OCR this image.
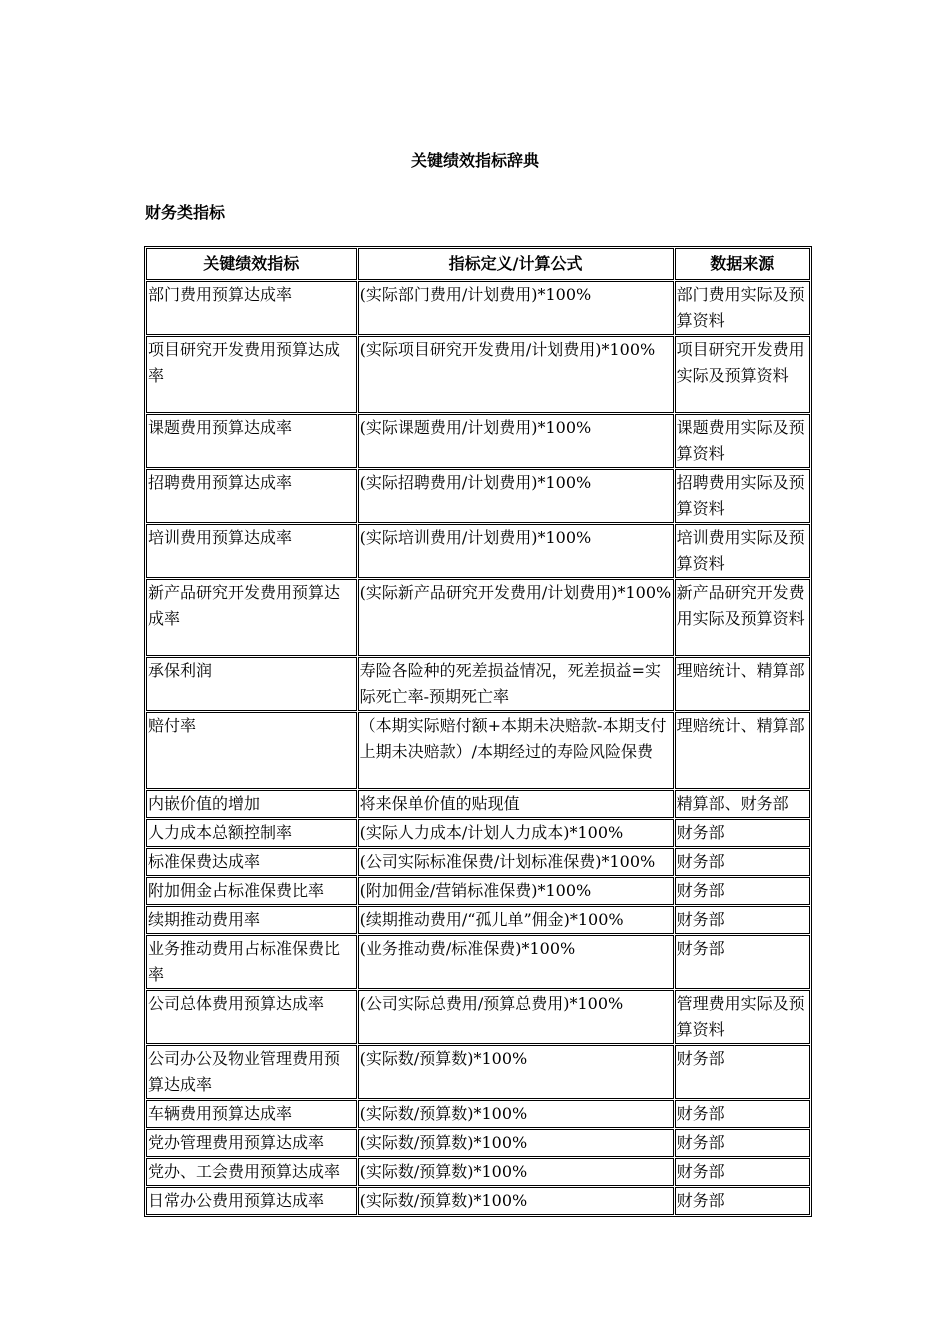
关键绩效指标辞典
财务类指标
关键绩效指标	指标定义/计算公式	数据来源
部门费用预算达成率	(实际部门费用/计划费用)*100%	部门费用实际及预算资料
项目研究开发费用预算达成率	(实际项目研究开发费用/计划费用)*100%	项目研究开发费用实际及预算资料
课题费用预算达成率	(实际课题费用/计划费用)*100%	课题费用实际及预算资料
招聘费用预算达成率	(实际招聘费用/计划费用)*100%	招聘费用实际及预算资料
培训费用预算达成率	(实际培训费用/计划费用)*100%	培训费用实际及预算资料
新产品研究开发费用预算达成率	(实际新产品研究开发费用/计划费用)*100%	新产品研究开发费用实际及预算资料
承保利润	寿险各险种的死差损益情况，死差损益=实际死亡率-预期死亡率	理赔统计、精算部
赔付率	（本期实际赔付额+本期未决赔款-本期支付上期未决赔款）/本期经过的寿险风险保费	理赔统计、精算部
内嵌价值的增加	将来保单价值的贴现值	精算部、财务部
人力成本总额控制率	(实际人力成本/计划人力成本)*100%	财务部
标准保费达成率	(公司实际标准保费/计划标准保费)*100%	财务部
附加佣金占标准保费比率	(附加佣金/营销标准保费)*100%	财务部
续期推动费用率	(续期推动费用/“孤儿单”佣金)*100%	财务部
业务推动费用占标准保费比率	(业务推动费/标准保费)*100%	财务部
公司总体费用预算达成率	(公司实际总费用/预算总费用)*100%	管理费用实际及预算资料
公司办公及物业管理费用预算达成率	(实际数/预算数)*100%	财务部
车辆费用预算达成率	(实际数/预算数)*100%	财务部
党办管理费用预算达成率	(实际数/预算数)*100%	财务部
党办、工会费用预算达成率	(实际数/预算数)*100%	财务部
日常办公费用预算达成率	(实际数/预算数)*100%	财务部
